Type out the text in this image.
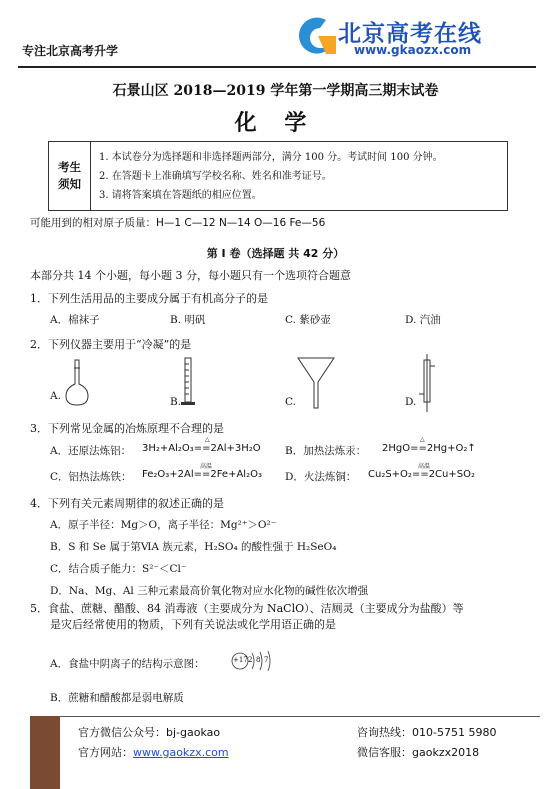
专注北京高考升学
北京高考在线
www.gkaozx.com
石景山区 2018—2019 学年第一学期高三期末试卷
化 学
考生须知
1. 本试卷分为选择题和非选择题两部分，满分 100 分。考试时间 100 分钟。
2. 在答题卡上准确填写学校名称、姓名和准考证号。
3. 请将答案填在答题纸的相应位置。
可能用到的相对原子质量：H—1 C—12 N—14 O—16 Fe—56
第 I 卷（选择题 共 42 分）
本部分共 14 个小题，每小题 3 分，每小题只有一个选项符合题意
1．下列生活用品的主要成分属于有机高分子的是
A．棉袜子	B. 明矾	C. 紫砂壶	D. 汽油
2．下列仪器主要用于“冷凝”的是
A.	B.	C.	D.
3．下列常见金属的冶炼原理不合理的是
A．还原法炼铝： 3H₂+Al₂O₃==2Al+3H₂O
△
B．加热法炼汞： 2HgO==2Hg+O₂↑
△
C．铝热法炼铁： Fe₂O₃+2Al==2Fe+Al₂O₃
高温
D．火法炼铜： Cu₂S+O₂==2Cu+SO₂
高温
4．下列有关元素周期律的叙述正确的是
A．原子半径：Mg＞O，离子半径：Mg²⁺＞O²⁻
B．S 和 Se 属于第ⅥA 族元素，H₂SO₄ 的酸性强于 H₂SeO₄
C．结合质子能力：S²⁻＜Cl⁻
D．Na、Mg、Al 三种元素最高价氧化物对应水化物的碱性依次增强
5．食盐、蔗糖、醋酸、84 消毒液（主要成分为 NaClO）、洁厕灵（主要成分为盐酸）等
是灾后经常使用的物质，下列有关说法或化学用语正确的是
A．食盐中阴离子的结构示意图：	+17 2 8 7
B．蔗糖和醋酸都是弱电解质
官方微信公众号：bj-gaokao
官方网站：www.gaokzx.com
咨询热线：010-5751 5980
微信客服：gaokzx2018
